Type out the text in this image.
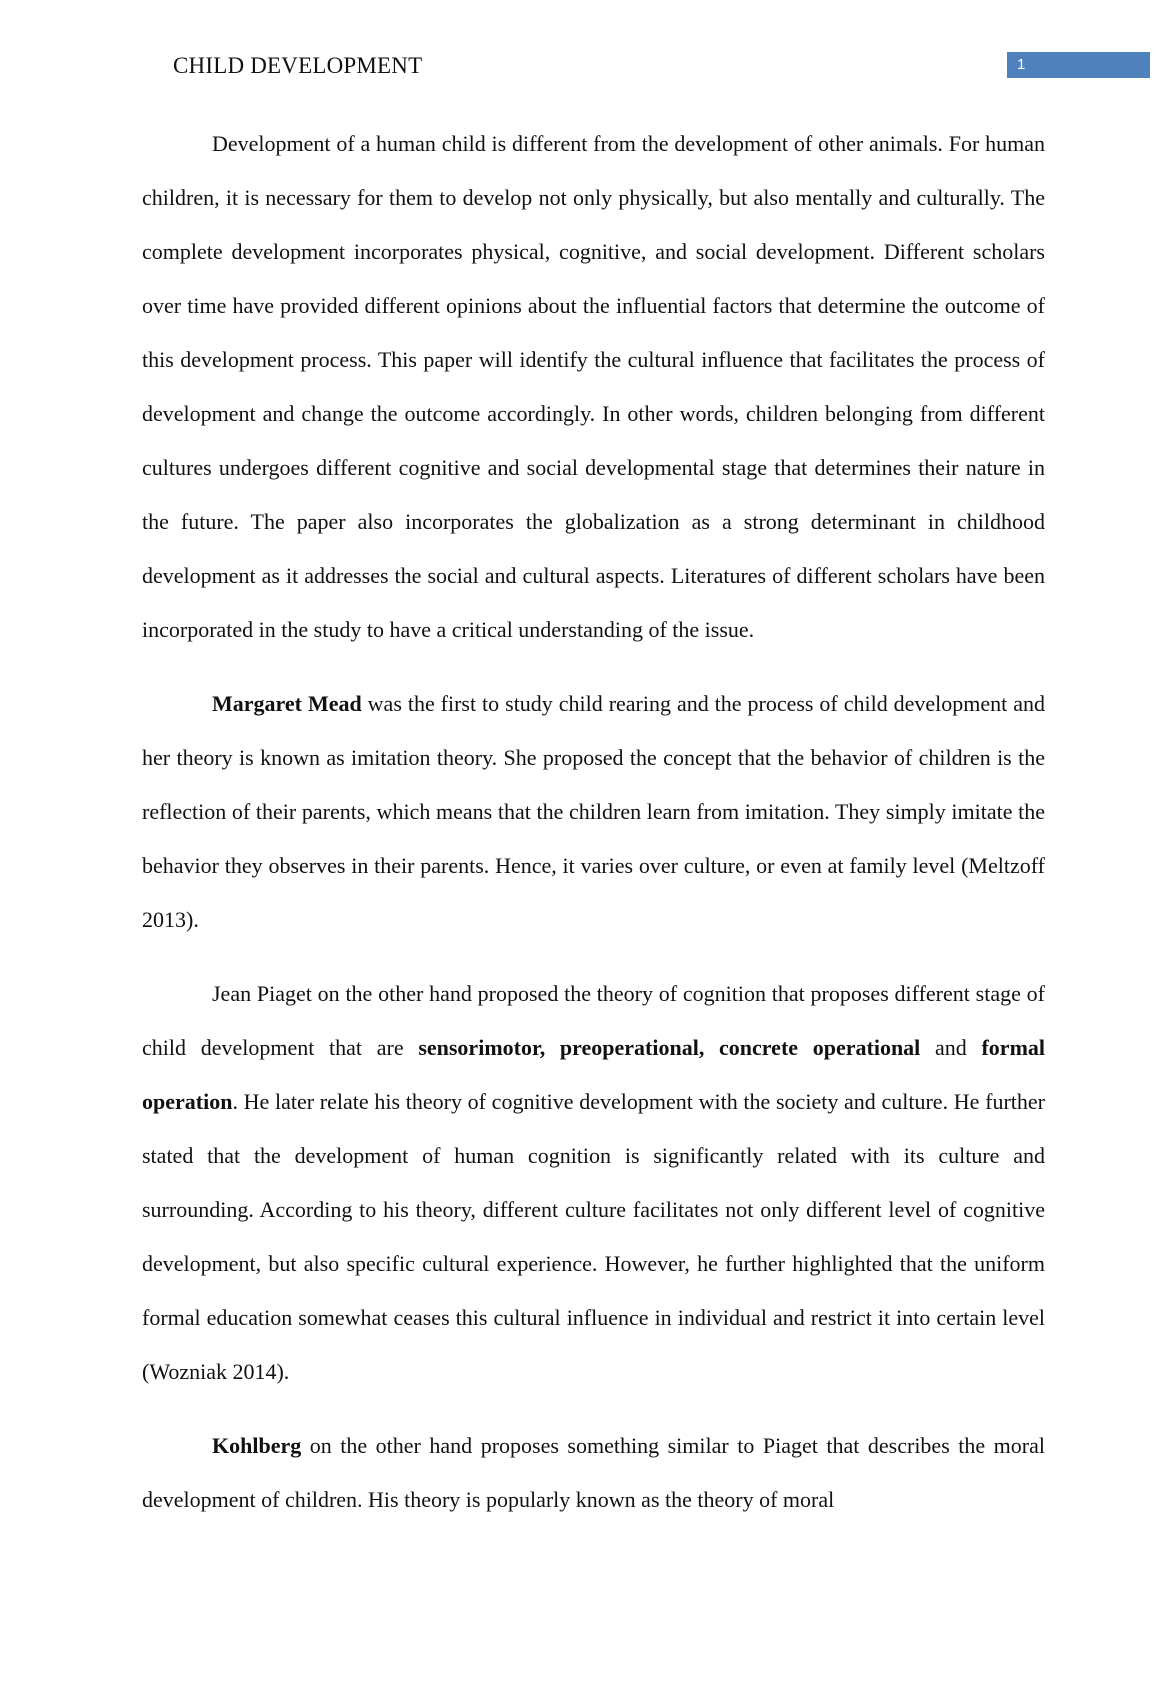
CHILD DEVELOPMENT	1

Development of a human child is different from the development of other animals. For human children, it is necessary for them to develop not only physically, but also mentally and culturally. The complete development incorporates physical, cognitive, and social development. Different scholars over time have provided different opinions about the influential factors that determine the outcome of this development process. This paper will identify the cultural influence that facilitates the process of development and change the outcome accordingly. In other words, children belonging from different cultures undergoes different cognitive and social developmental stage that determines their nature in the future. The paper also incorporates the globalization as a strong determinant in childhood development as it addresses the social and cultural aspects. Literatures of different scholars have been incorporated in the study to have a critical understanding of the issue.

Margaret Mead was the first to study child rearing and the process of child development and her theory is known as imitation theory. She proposed the concept that the behavior of children is the reflection of their parents, which means that the children learn from imitation. They simply imitate the behavior they observes in their parents. Hence, it varies over culture, or even at family level (Meltzoff 2013).

Jean Piaget on the other hand proposed the theory of cognition that proposes different stage of child development that are sensorimotor, preoperational, concrete operational and formal operation. He later relate his theory of cognitive development with the society and culture. He further stated that the development of human cognition is significantly related with its culture and surrounding. According to his theory, different culture facilitates not only different level of cognitive development, but also specific cultural experience. However, he further highlighted that the uniform formal education somewhat ceases this cultural influence in individual and restrict it into certain level (Wozniak 2014).

Kohlberg on the other hand proposes something similar to Piaget that describes the moral development of children. His theory is popularly known as the theory of moral
